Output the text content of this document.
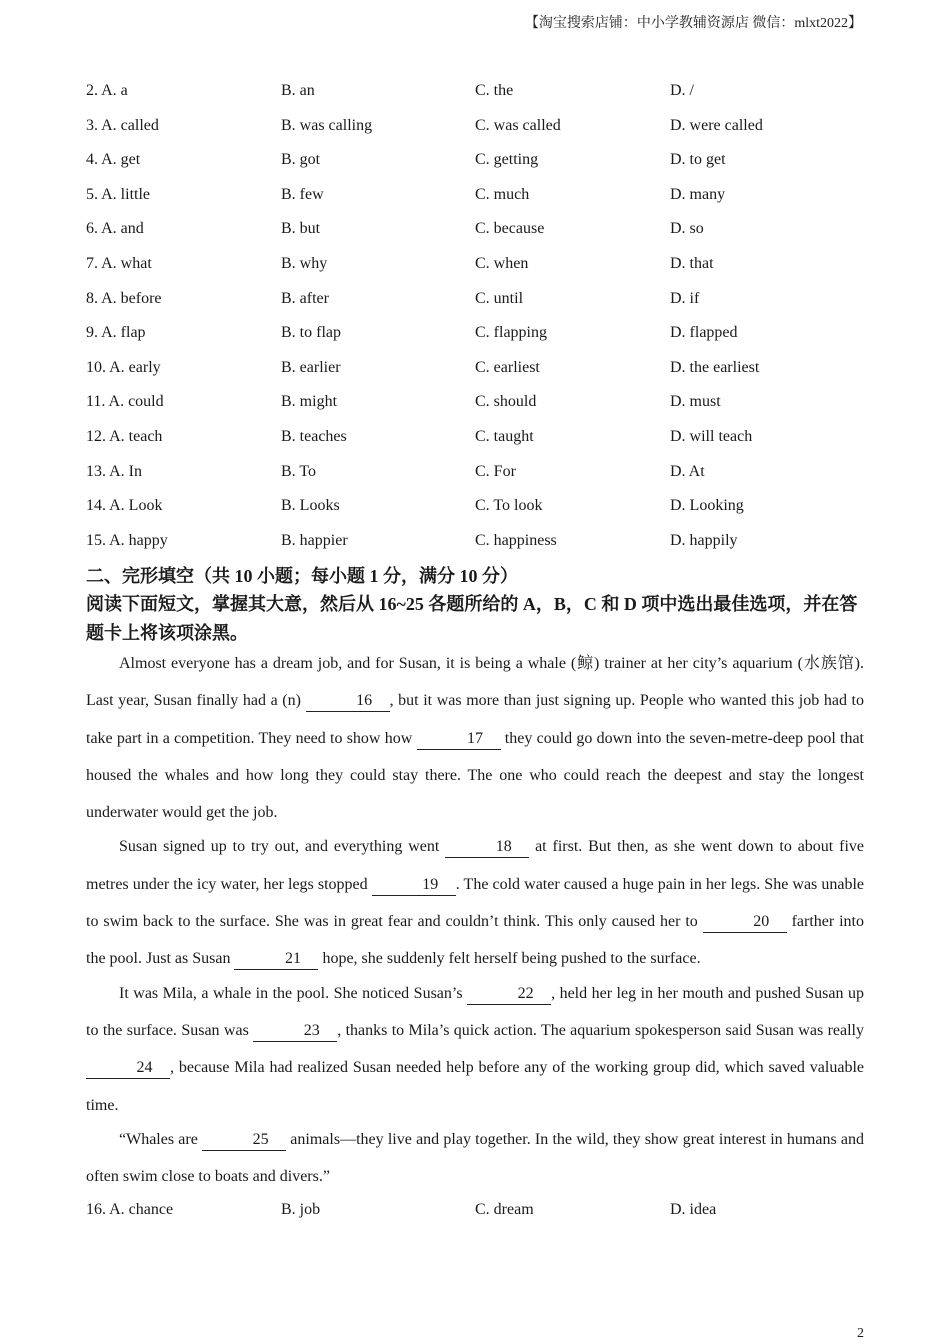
【淘宝搜索店铺：中小学教辅资源店 微信：mlxt2022】
2. A. a	B. an	C. the	D. /
3. A. called	B. was calling	C. was called	D. were called
4. A. get	B. got	C. getting	D. to get
5. A. little	B. few	C. much	D. many
6. A. and	B. but	C. because	D. so
7. A. what	B. why	C. when	D. that
8. A. before	B. after	C. until	D. if
9. A. flap	B. to flap	C. flapping	D. flapped
10. A. early	B. earlier	C. earliest	D. the earliest
11. A. could	B. might	C. should	D. must
12. A. teach	B. teaches	C. taught	D. will teach
13. A. In	B. To	C. For	D. At
14. A. Look	B. Looks	C. To look	D. Looking
15. A. happy	B. happier	C. happiness	D. happily
二、完形填空（共 10 小题；每小题 1 分，满分 10 分）
阅读下面短文，掌握其大意，然后从 16~25 各题所给的 A，B，C 和 D 项中选出最佳选项，并在答题卡上将该项涂黑。

Almost everyone has a dream job, and for Susan, it is being a whale (鲸) trainer at her city’s aquarium (水族馆). Last year, Susan finally had a (n)	16 , but it was more than just signing up. People who wanted this job had to take part in a competition. They need to show how	17 they could go down into the seven-metre-deep pool that housed the whales and how long they could stay there. The one who could reach the deepest and stay the longest underwater would get the job.

Susan signed up to try out, and everything went	18 at first. But then, as she went down to about five metres under the icy water, her legs stopped	19 . The cold water caused a huge pain in her legs. She was unable to swim back to the surface. She was in great fear and couldn’t think. This only caused her to	20 farther into the pool. Just as Susan	21 hope, she suddenly felt herself being pushed to the surface.

It was Mila, a whale in the pool. She noticed Susan’s	22 , held her leg in her mouth and pushed Susan up to the surface. Susan was	23 , thanks to Mila’s quick action. The aquarium spokesperson said Susan was really 24 , because Mila had realized Susan needed help before any of the working group did, which saved valuable time.

“Whales are	25 animals—they live and play together. In the wild, they show great interest in humans and often swim close to boats and divers.”

16. A. chance	B. job	C. dream	D. idea
2
